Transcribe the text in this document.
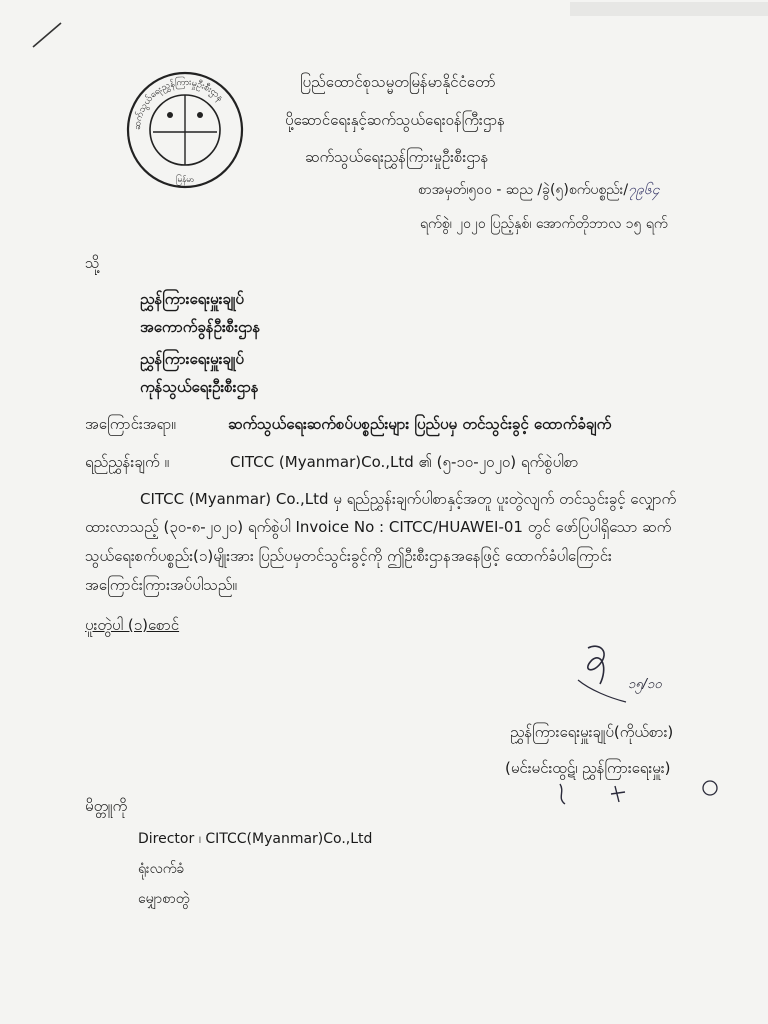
ဆက်သွယ်ရေးညွှန်ကြားမှုဦးစီးဌာန
မြန်မာ
ပြည်ထောင်စုသမ္မတမြန်မာနိုင်ငံတော်
ပို့ဆောင်ရေးနှင့်ဆက်သွယ်ရေးဝန်ကြီးဌာန
ဆက်သွယ်ရေးညွှန်ကြားမှုဦးစီးဌာန
စာအမှတ်၊၅၀၀ - ဆည /ခွဲ(၅)စက်ပစ္စည်း/၇၉၆၄
ရက်စွဲ၊ ၂၀၂၀ ပြည့်နှစ်၊ အောက်တိုဘာလ ၁၅ ရက်
သို့
ညွှန်ကြားရေးမှူးချုပ်
အကောက်ခွန်ဦးစီးဌာန
ညွှန်ကြားရေးမှူးချုပ်
ကုန်သွယ်ရေးဦးစီးဌာန
အကြောင်းအရာ။	ဆက်သွယ်ရေးဆက်စပ်ပစ္စည်းများ ပြည်ပမှ တင်သွင်းခွင့် ထောက်ခံချက်
ရည်ညွှန်းချက် ။	CITCC (Myanmar)Co.,Ltd ၏ (၅-၁၀-၂၀၂၀) ရက်စွဲပါစာ
CITCC (Myanmar) Co.,Ltd မှ ရည်ညွှန်းချက်ပါစာနှင့်အတူ ပူးတွဲလျက် တင်သွင်းခွင့် လျှောက်
ထားလာသည့် (၃၀-၈-၂၀၂၀) ရက်စွဲပါ Invoice No : CITCC/HUAWEI-01 တွင် ဖော်ပြပါရှိသော ဆက်
သွယ်ရေးစက်ပစ္စည်း(၁)မျိုးအား ပြည်ပမှတင်သွင်းခွင့်ကို ဤဦးစီးဌာနအနေဖြင့် ထောက်ခံပါကြောင်း
အကြောင်းကြားအပ်ပါသည်။
ပူးတွဲပါ (၁)စောင်
၁၅/၁၀
ညွှန်ကြားရေးမှူးချုပ်(ကိုယ်စား)
(မင်းမင်းထွဋ်၊ ညွှန်ကြားရေးမှူး)
မိတ္တူကို
Director ၊ CITCC(Myanmar)Co.,Ltd
ရုံးလက်ခံ
မျှောစာတွဲ
